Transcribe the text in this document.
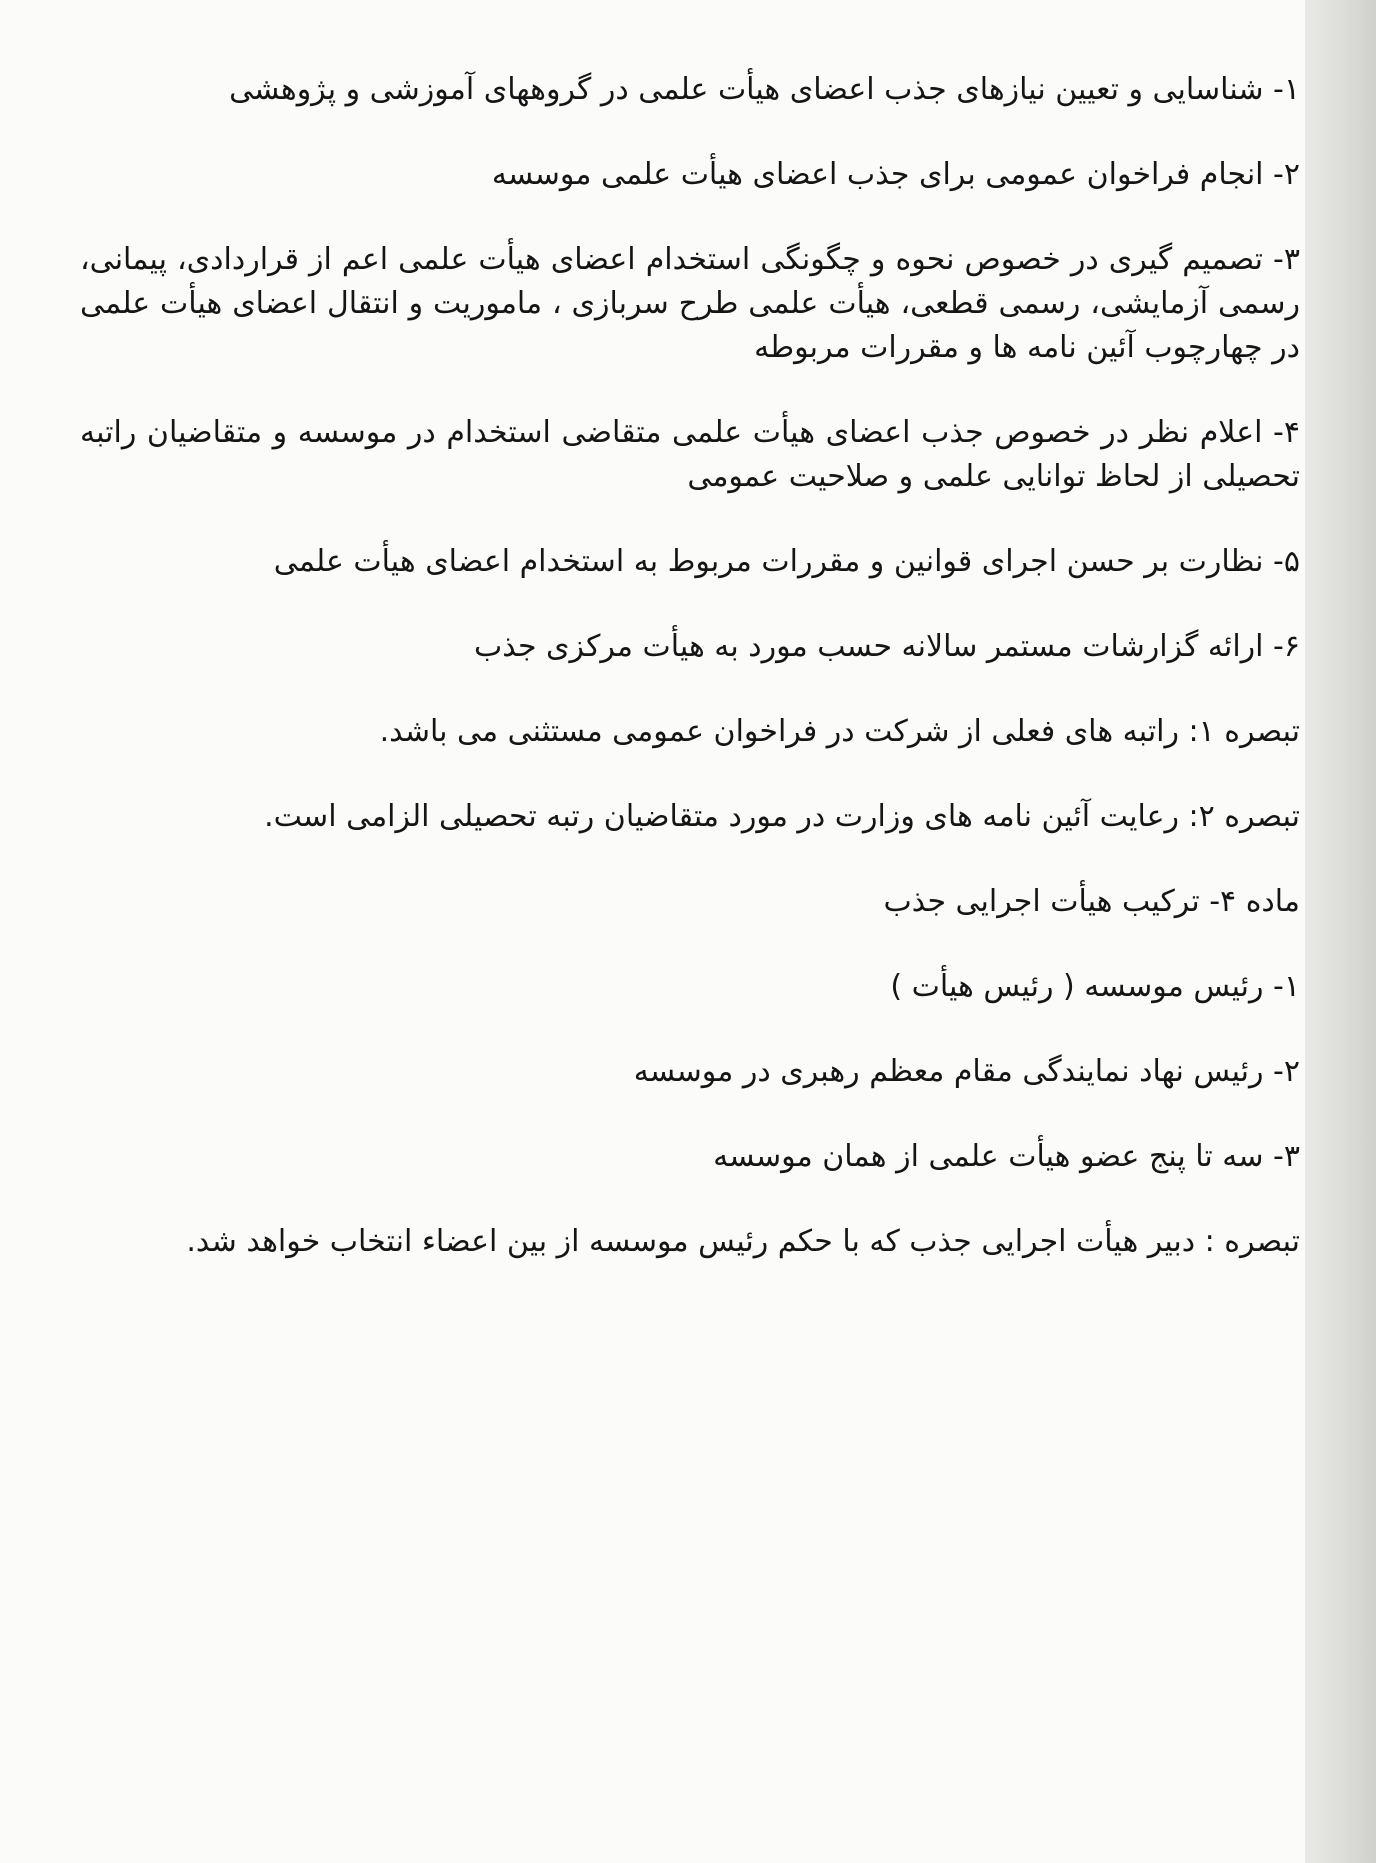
۱- شناسایی و تعیین نیازهای جذب اعضای هیأت علمی در گروههای آموزشی و پژوهشی

۲- انجام فراخوان عمومی برای جذب اعضای هیأت علمی موسسه

۳- تصمیم گیری در خصوص نحوه و چگونگی استخدام اعضای هیأت علمی اعم از قراردادی، پیمانی، رسمی آزمایشی، رسمی قطعی، هیأت علمی طرح سربازی ، ماموریت و انتقال اعضای هیأت علمی در چهارچوب آئین نامه ها و مقررات مربوطه

۴- اعلام نظر در خصوص جذب اعضای هیأت علمی متقاضی استخدام در موسسه و متقاضیان راتبه تحصیلی از لحاظ توانایی علمی و صلاحیت عمومی

۵- نظارت بر حسن اجرای قوانین و مقررات مربوط به استخدام اعضای هیأت علمی

۶- ارائه گزارشات مستمر سالانه حسب مورد به هیأت مرکزی جذب

تبصره ۱: راتبه های فعلی از شرکت در فراخوان عمومی مستثنی می باشد.

تبصره ۲: رعایت آئین نامه های وزارت در مورد متقاضیان رتبه تحصیلی الزامی است.

ماده ۴- ترکیب هیأت اجرایی جذب

۱- رئیس موسسه ( رئیس هیأت )

۲- رئیس نهاد نمایندگی مقام معظم رهبری در موسسه

۳- سه تا پنج عضو هیأت علمی از همان موسسه

تبصره : دبیر هیأت اجرایی جذب که با حکم رئیس موسسه از بین اعضاء انتخاب خواهد شد.
